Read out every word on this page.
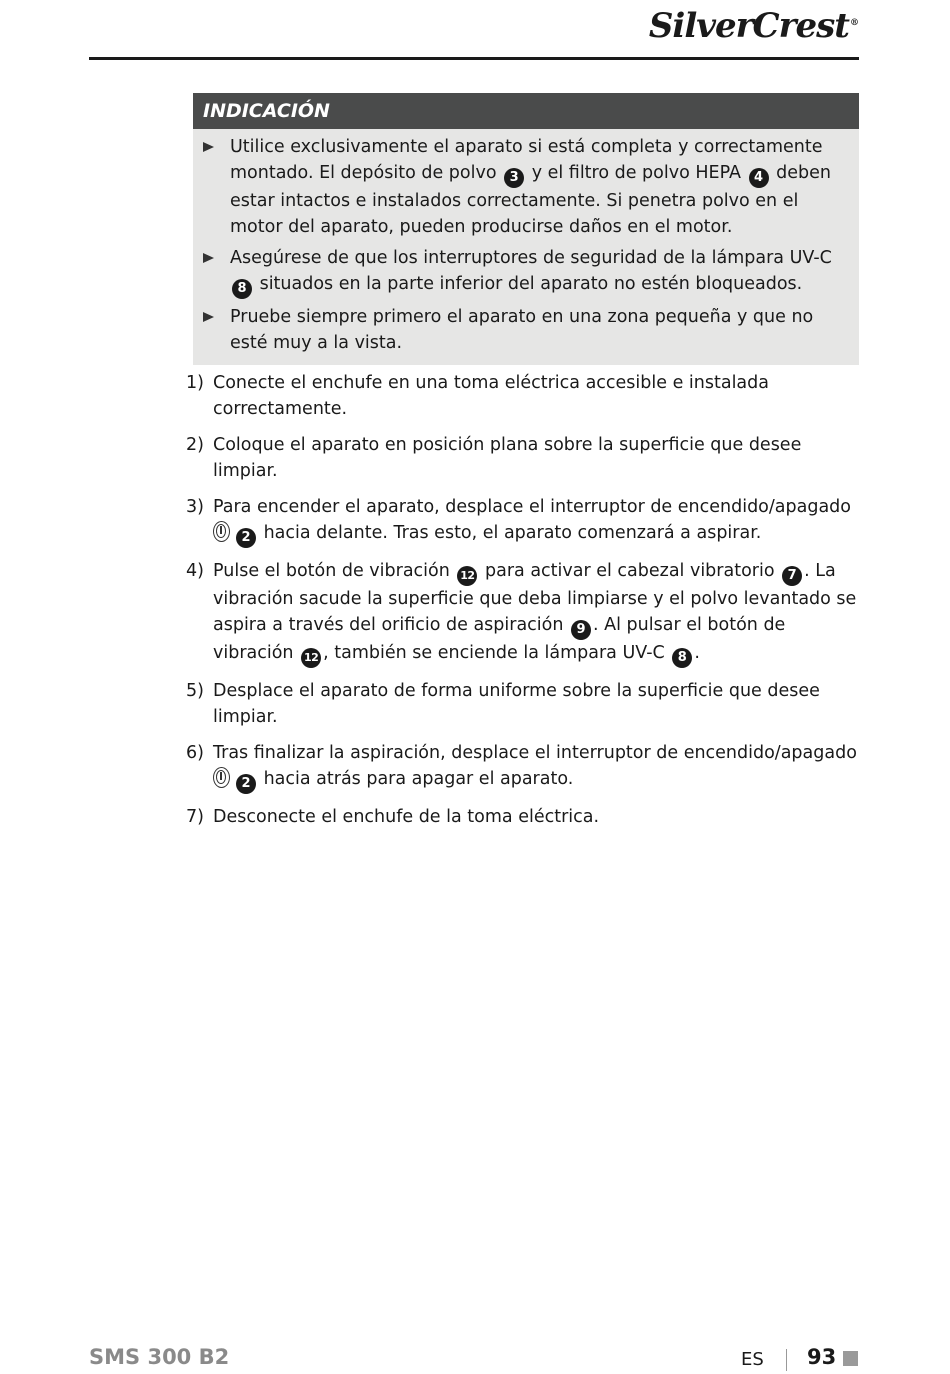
SilverCrest®
INDICACIÓN
Utilice exclusivamente el aparato si está completa y correctamente montado. El depósito de polvo 3 y el filtro de polvo HEPA 4 deben estar intactos e instalados correctamente. Si penetra polvo en el motor del aparato, pueden producirse daños en el motor.
Asegúrese de que los interruptores de seguridad de la lámpara UV-C 8 situados en la parte inferior del aparato no estén bloqueados.
Pruebe siempre primero el aparato en una zona pequeña y que no esté muy a la vista.
1) Conecte el enchufe en una toma eléctrica accesible e instalada correctamente.
2) Coloque el aparato en posición plana sobre la superficie que desee limpiar.
3) Para encender el aparato, desplace el interruptor de encendido/apagado
2 hacia delante. Tras esto, el aparato comenzará a aspirar.
4) Pulse el botón de vibración 12 para activar el cabezal vibratorio 7 . La vibración sacude la superficie que deba limpiarse y el polvo levantado se aspira a través del orificio de aspiración 9 . Al pulsar el botón de vibración 12 , también se enciende la lámpara UV-C 8 .
5) Desplace el aparato de forma uniforme sobre la superficie que desee limpiar.
6) Tras finalizar la aspiración, desplace el interruptor de encendido/apagado
2 hacia atrás para apagar el aparato.
7) Desconecte el enchufe de la toma eléctrica.
SMS 300 B2	ES 93
